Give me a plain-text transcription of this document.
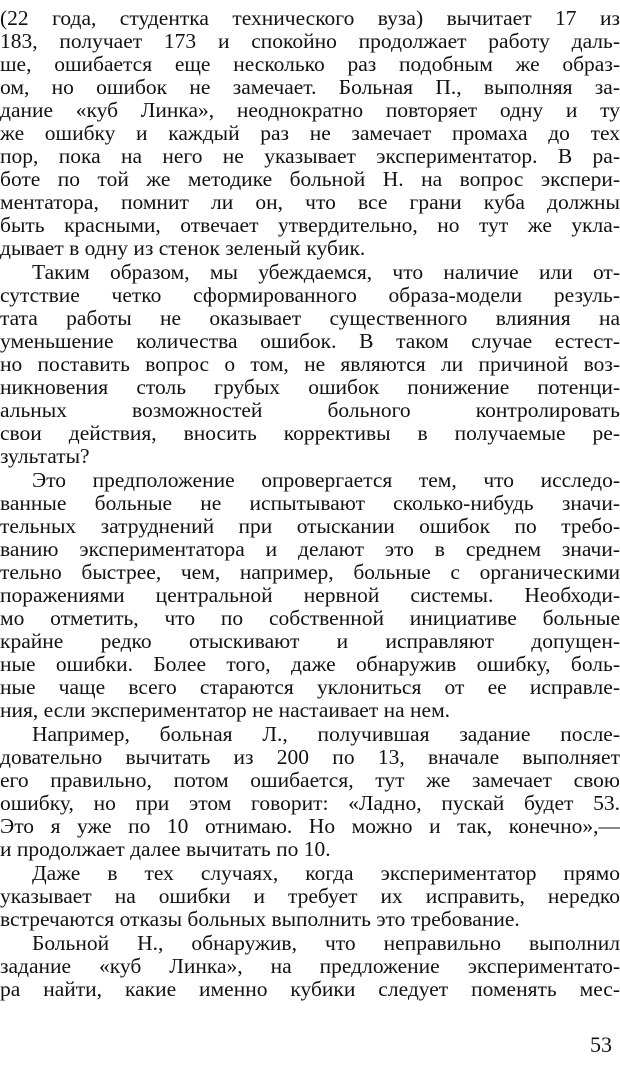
(22 года, студентка технического вуза) вычитает 17 из
183, получает 173 и спокойно продолжает работу даль-
ше, ошибается еще несколько раз подобным же образ-
ом, но ошибок не замечает. Больная П., выполняя за-
дание «куб Линка», неоднократно повторяет одну и ту
же ошибку и каждый раз не замечает промаха до тех
пор, пока на него не указывает экспериментатор. В ра-
боте по той же методике больной Н. на вопрос экспери-
ментатора, помнит ли он, что все грани куба должны
быть красными, отвечает утвердительно, но тут же укла-
дывает в одну из стенок зеленый кубик.
Таким образом, мы убеждаемся, что наличие или от-
сутствие четко сформированного образа-модели резуль-
тата работы не оказывает существенного влияния на
уменьшение количества ошибок. В таком случае естест-
но поставить вопрос о том, не являются ли причиной воз-
никновения столь грубых ошибок понижение потенци-
альных возможностей больного контролировать
свои действия, вносить коррективы в получаемые ре-
зультаты?
Это предположение опровергается тем, что исследо-
ванные больные не испытывают сколько-нибудь значи-
тельных затруднений при отыскании ошибок по требо-
ванию экспериментатора и делают это в среднем значи-
тельно быстрее, чем, например, больные с органическими
поражениями центральной нервной системы. Необходи-
мо отметить, что по собственной инициативе больные
крайне редко отыскивают и исправляют допущен-
ные ошибки. Более того, даже обнаружив ошибку, боль-
ные чаще всего стараются уклониться от ее исправле-
ния, если экспериментатор не настаивает на нем.
Например, больная Л., получившая задание после-
довательно вычитать из 200 по 13, вначале выполняет
его правильно, потом ошибается, тут же замечает свою
ошибку, но при этом говорит: «Ладно, пускай будет 53.
Это я уже по 10 отнимаю. Но можно и так, конечно»,—
и продолжает далее вычитать по 10.
Даже в тех случаях, когда экспериментатор прямо
указывает на ошибки и требует их исправить, нередко
встречаются отказы больных выполнить это требование.
Больной Н., обнаружив, что неправильно выполнил
задание «куб Линка», на предложение экспериментато-
ра найти, какие именно кубики следует поменять мес-
53
